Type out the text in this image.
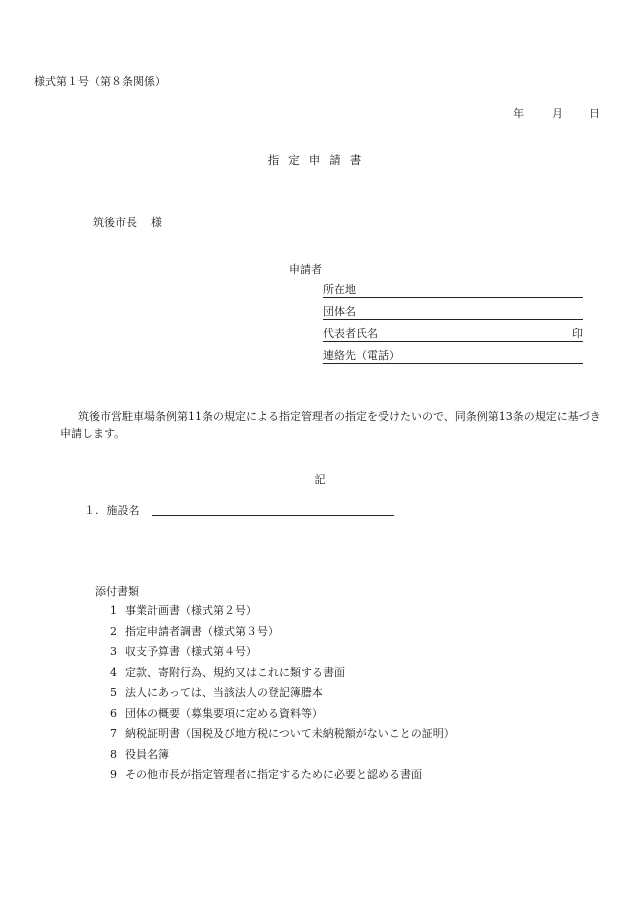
様式第１号（第８条関係）
年	月 日
指定申請書
筑後市長 様
申請者
所在地
団体名
代表者氏名	印
連絡先（電話）
筑後市営駐車場条例第11条の規定による指定管理者の指定を受けたいので、同条例第13条の規定に基づき申請します。
記
１. 施設名
添付書類
1 事業計画書（様式第２号）
2 指定申請者調書（様式第３号）
3 収支予算書（様式第４号）
4 定款、寄附行為、規約又はこれに類する書面
5 法人にあっては、当該法人の登記簿謄本
6 団体の概要（募集要項に定める資料等）
7 納税証明書（国税及び地方税について未納税額がないことの証明）
8 役員名簿
9 その他市長が指定管理者に指定するために必要と認める書面
